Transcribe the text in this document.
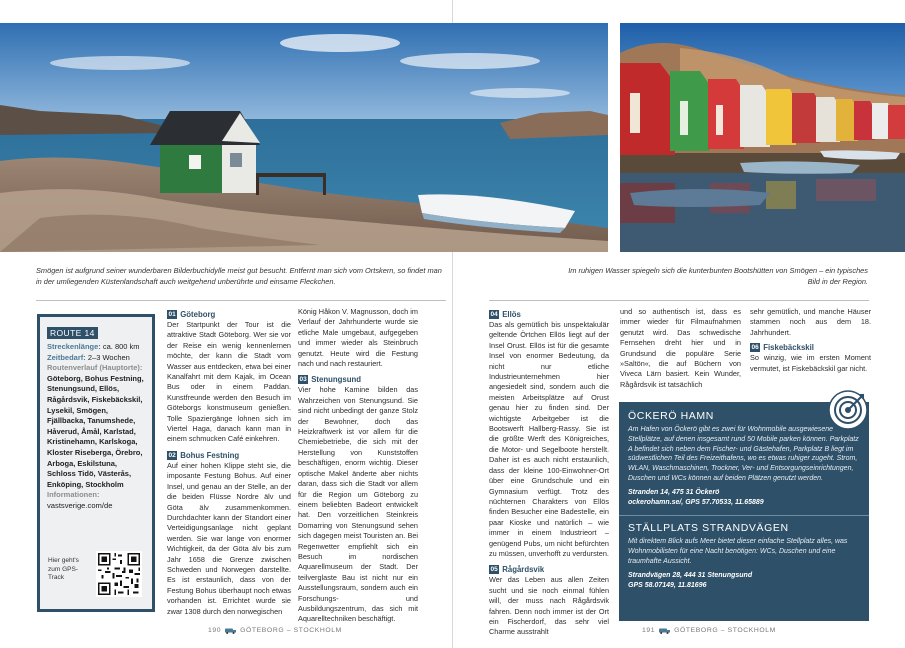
Smögen ist aufgrund seiner wunderbaren Bilderbuchidylle meist gut besucht. Entfernt man sich vom Ortskern, so findet man in der umliegenden Küstenlandschaft auch weitgehend unberührte und einsame Fleckchen.

Im ruhigen Wasser spiegeln sich die kunterbunten Bootshütten von Smögen – ein typisches Bild in der Region.

ROUTE 14
Streckenlänge: ca. 800 km
Zeitbedarf: 2–3 Wochen
Routenverlauf (Hauptorte):
Göteborg, Bohus Festning, Stenungsund, Ellös, Rågårdsvik, Fiskebäckskil, Lysekil, Smögen, Fjällbacka, Tanumshede, Håverud, Åmål, Karlstad, Kristinehamn, Karlskoga, Kloster Riseberga, Örebro, Arboga, Eskilstuna, Schloss Tidö, Västerås, Enköping, Stockholm
Informationen:
vastsverige.com/de
Hier geht's zum GPS-Track
01 Göteborg

Der Startpunkt der Tour ist die attraktive Stadt Göteborg. Wer sie vor der Reise ein wenig kennenlernen möchte, der kann die Stadt vom Wasser aus entdecken, etwa bei einer Kanalfahrt mit dem Kajak, im Ocean Bus oder in einem Paddan. Kunstfreunde werden den Besuch im Göteborgs konstmuseum genießen. Tolle Spaziergänge lohnen sich im Viertel Haga, danach kann man in einem schmucken Café einkehren.

02 Bohus Festning

Auf einer hohen Klippe steht sie, die imposante Festung Bohus. Auf einer Insel, und genau an der Stelle, an der die beiden Flüsse Nordre älv und Göta älv zusammenkommen. Durchdachter kann der Standort einer Verteidigungsanlage nicht geplant werden. Sie war lange von enormer Wichtigkeit, da der Göta älv bis zum Jahr 1658 die Grenze zwischen Schweden und Norwegen darstellte. Es ist erstaunlich, dass von der Festung Bohus überhaupt noch etwas vorhanden ist. Errichtet wurde sie zwar 1308 durch den norwegischen

König Håkon V. Magnusson, doch im Verlauf der Jahrhunderte wurde sie etliche Male umgebaut, aufgegeben und immer wieder als Steinbruch genutzt. Heute wird die Festung nach und nach restauriert.

03 Stenungsund

Vier hohe Kamine bilden das Wahrzeichen von Stenungsund. Sie sind nicht unbedingt der ganze Stolz der Bewohner, doch das Heizkraftwerk ist vor allem für die Chemiebetriebe, die sich mit der Herstellung von Kunststoffen beschäftigen, enorm wichtig. Dieser optische Makel änderte aber nichts daran, dass sich die Stadt vor allem für die Region um Göteborg zu einem beliebten Badeort entwickelt hat. Den vorzeitlichen Steinkreis Domarring von Stenungsund sehen sich dagegen meist Touristen an. Bei Regenwetter empfiehlt sich ein Besuch im nordischen Aquarellmuseum der Stadt. Der teilverglaste Bau ist nicht nur ein Ausstellungsraum, sondern auch ein Forschungs- und Ausbildungszentrum, das sich mit Aquarelltechniken beschäftigt.

04 Ellös

Das als gemütlich bis unspektakulär geltende Örtchen Ellös liegt auf der Insel Orust. Ellös ist für die gesamte Insel von enormer Bedeutung, da nicht nur etliche Industrieunternehmen hier angesiedelt sind, sondern auch die meisten Arbeitsplätze auf Orust genau hier zu finden sind. Der wichtigste Arbeitgeber ist die Bootswerft Hallberg-Rassy. Sie ist die größte Werft des Königreiches, die Motor- und Segelboote herstellt. Daher ist es auch nicht erstaunlich, dass der kleine 100-Einwohner-Ort über eine Grundschule und ein Gymnasium verfügt. Trotz des nüchternen Charakters von Ellös finden Besucher eine Badestelle, ein paar Kioske und natürlich – wie immer in einem Industrieort – genügend Pubs, um nicht befürchten zu müssen, unverhofft zu verdursten.

05 Rågårdsvik

Wer das Leben aus allen Zeiten sucht und sie noch einmal fühlen will, der muss nach Rågårdsvik fahren. Denn noch immer ist der Ort ein Fischerdorf, das sehr viel Charme ausstrahlt

und so authentisch ist, dass es immer wieder für Filmaufnahmen genutzt wird. Das schwedische Fernsehen dreht hier und in Grundsund die populäre Serie »Saltön«, die auf Büchern von Viveca Lärn basiert. Kein Wunder, Rågårdsvik ist tatsächlich

sehr gemütlich, und manche Häuser stammen noch aus dem 18. Jahrhundert.

06 Fiskebäckskil

So winzig, wie im ersten Moment vermutet, ist Fiskebäckskil gar nicht.

ÖCKERÖ HAMN

Am Hafen von Öckerö gibt es zwei für Wohnmobile ausgewiesene Stellplätze, auf denen insgesamt rund 50 Mobile parken können. Parkplatz A befindet sich neben dem Fischer- und Gästehafen, Parkplatz B liegt im südwestlichen Teil des Freizeithafens, wo es etwas ruhiger zugeht. Strom, WLAN, Waschmaschinen, Trockner, Ver- und Entsorgungseinrichtungen, Duschen und WCs können auf beiden Plätzen genutzt werden.

Stranden 14, 475 31 Öckerö

ockerohamn.se/, GPS 57.70533, 11.65889

STÄLLPLATS STRANDVÄGEN

Mit direktem Blick aufs Meer bietet dieser einfache Stellplatz alles, was Wohnmobilisten für eine Nacht benötigen: WCs, Duschen und eine traumhafte Aussicht.

Strandvägen 28, 444 31 Stenungsund

GPS 58.07149, 11.81696

190	GÖTEBORG – STOCKHOLM	191	GÖTEBORG – STOCKHOLM
